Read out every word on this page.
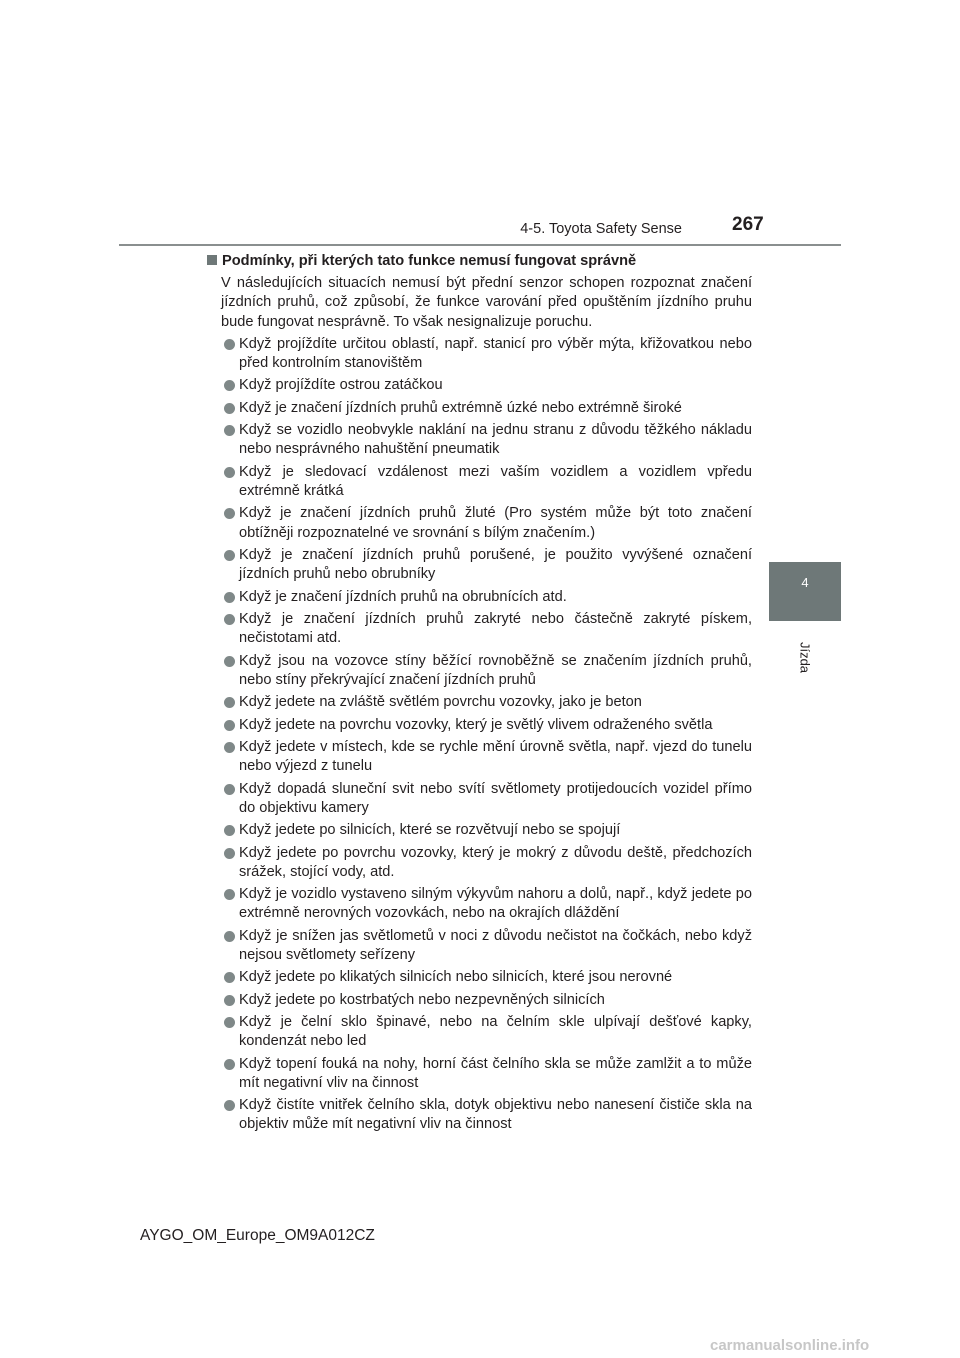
4-5. Toyota Safety Sense	267
4
Jízda
Podmínky, při kterých tato funkce nemusí fungovat správně

V následujících situacích nemusí být přední senzor schopen rozpoznat značení jízdních pruhů, což způsobí, že funkce varování před opuštěním jízdního pruhu bude fungovat nesprávně. To však nesignalizuje poruchu.

Když projíždíte určitou oblastí, např. stanicí pro výběr mýta, křižovatkou nebo před kontrolním stanovištěm
Když projíždíte ostrou zatáčkou
Když je značení jízdních pruhů extrémně úzké nebo extrémně široké
Když se vozidlo neobvykle naklání na jednu stranu z důvodu těžkého nákladu nebo nesprávného nahuštění pneumatik
Když je sledovací vzdálenost mezi vaším vozidlem a vozidlem vpředu extrémně krátká
Když je značení jízdních pruhů žluté (Pro systém může být toto značení obtížněji rozpoznatelné ve srovnání s bílým značením.)
Když je značení jízdních pruhů porušené, je použito vyvýšené označení jízdních pruhů nebo obrubníky
Když je značení jízdních pruhů na obrubnících atd.
Když je značení jízdních pruhů zakryté nebo částečně zakryté pískem, nečistotami atd.
Když jsou na vozovce stíny běžící rovnoběžně se značením jízdních pruhů, nebo stíny překrývající značení jízdních pruhů
Když jedete na zvláště světlém povrchu vozovky, jako je beton
Když jedete na povrchu vozovky, který je světlý vlivem odraženého světla
Když jedete v místech, kde se rychle mění úrovně světla, např. vjezd do tunelu nebo výjezd z tunelu
Když dopadá sluneční svit nebo svítí světlomety protijedoucích vozidel přímo do objektivu kamery
Když jedete po silnicích, které se rozvětvují nebo se spojují
Když jedete po povrchu vozovky, který je mokrý z důvodu deště, předchozích srážek, stojící vody, atd.
Když je vozidlo vystaveno silným výkyvům nahoru a dolů, např., když jedete po extrémně nerovných vozovkách, nebo na okrajích dláždění
Když je snížen jas světlometů v noci z důvodu nečistot na čočkách, nebo když nejsou světlomety seřízeny
Když jedete po klikatých silnicích nebo silnicích, které jsou nerovné
Když jedete po kostrbatých nebo nezpevněných silnicích
Když je čelní sklo špinavé, nebo na čelním skle ulpívají dešťové kapky, kondenzát nebo led
Když topení fouká na nohy, horní část čelního skla se může zamlžit a to může mít negativní vliv na činnost
Když čistíte vnitřek čelního skla, dotyk objektivu nebo nanesení čističe skla na objektiv může mít negativní vliv na činnost
AYGO_OM_Europe_OM9A012CZ
carmanualsonline.info
